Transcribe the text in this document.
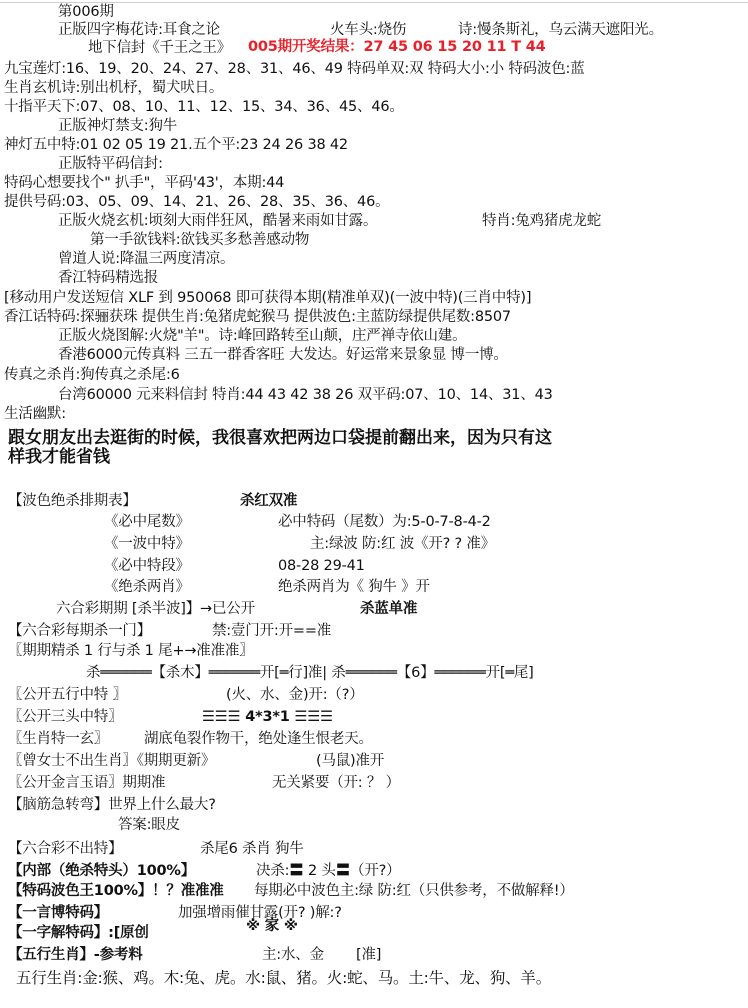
第006期
正版四字梅花诗:耳食之论	火车头:烧伤	诗:慢条斯礼，乌云满天遮阳光。
地下信封《千王之王》 005期开奖结果：27 45 06 15 20 11 T 44
九宝莲灯:16、19、20、24、27、28、31、46、49 特码单双:双 特码大小:小 特码波色:蓝
生肖玄机诗:别出机杼，蜀犬吠日。
十指平天下:07、08、10、11、12、15、34、36、45、46。
正版神灯禁支:狗牛
神灯五中特:01 02 05 19 21.五个平:23 24 26 38 42
正版特平码信封:
特码心想要找个" 扒手"，平码'43'，本期:44
提供号码:03、05、09、14、21、26、28、35、36、46。
正版火烧玄机:顷刻大雨伴狂风，酷暑来雨如甘露。	特肖:兔鸡猪虎龙蛇
第一手欲钱料:欲钱买多愁善感动物
曾道人说:降温三两度清凉。
香江特码精选报
[移动用户发送短信 XLF 到 950068 即可获得本期(精准单双)(一波中特)(三肖中特)]
香江话特码:探骊获珠 提供生肖:兔猪虎蛇猴马 提供波色:主蓝防绿提供尾数:8507
正版火烧图解:火烧"羊"。诗:峰回路转至山颠，庄严禅寺依山建。
香港6000元传真料 三五一群香客旺 大发达。好运常来景象显 博一博。
传真之杀肖:狗传真之杀尾:6
台湾60000 元来料信封 特肖:44 43 42 38 26 双平码:07、10、14、31、43
生活幽默:
跟女朋友出去逛街的时候，我很喜欢把两边口袋提前翻出来，因为只有这
样我才能省钱
【波色绝杀排期表】	杀红双准
《必中尾数》	必中特码（尾数）为:5-0-7-8-4-2
《一波中特》	主:绿波 防:红 波《开? ? 准》
《必中特段》	08-28 29-41
《绝杀两肖》	绝杀两肖为《 狗牛 》开
六合彩期期 [杀半波]】→已公开	杀蓝单准
【六合彩每期杀一门】	禁:壹门开:开==准
〖期期精杀 1 行与杀 1 尾+→准准准〗
杀══════【杀木】══════开[═行]准| 杀══════【6】══════开[═尾]
〖公开五行中特 〗	(火、水、金)开:（?）
〖公开三头中特〗	☰☰☰ 4*3*1 ☰☰☰
〖生肖特一玄〗 湖底龟裂作物干，绝处逢生恨老天。
〖曾女士不出生肖〗《期期更新》	(马鼠)准开
〖公开金言玉语〗期期准	无关紧要（开: ？ ）
【脑筋急转弯】世界上什么最大?
答案:眼皮
【六合彩不出特】	杀尾6 杀肖 狗牛
【内部（绝杀特头）100%】	决杀:〓 2 头〓（开?）
【特码波色王100%】！？准准准 每期必中波色主:绿 防:红（只供参考，不做解释!）
【一言博特码】	加强增雨催甘露(开? )解:?
【一字解特码】:[原创	※ 家 ※
【五行生肖】-参考料	主:水、金 [准]
五行生肖:金:猴、鸡。木:兔、虎。水:鼠、猪。火:蛇、马。土:牛、龙、狗、羊。
